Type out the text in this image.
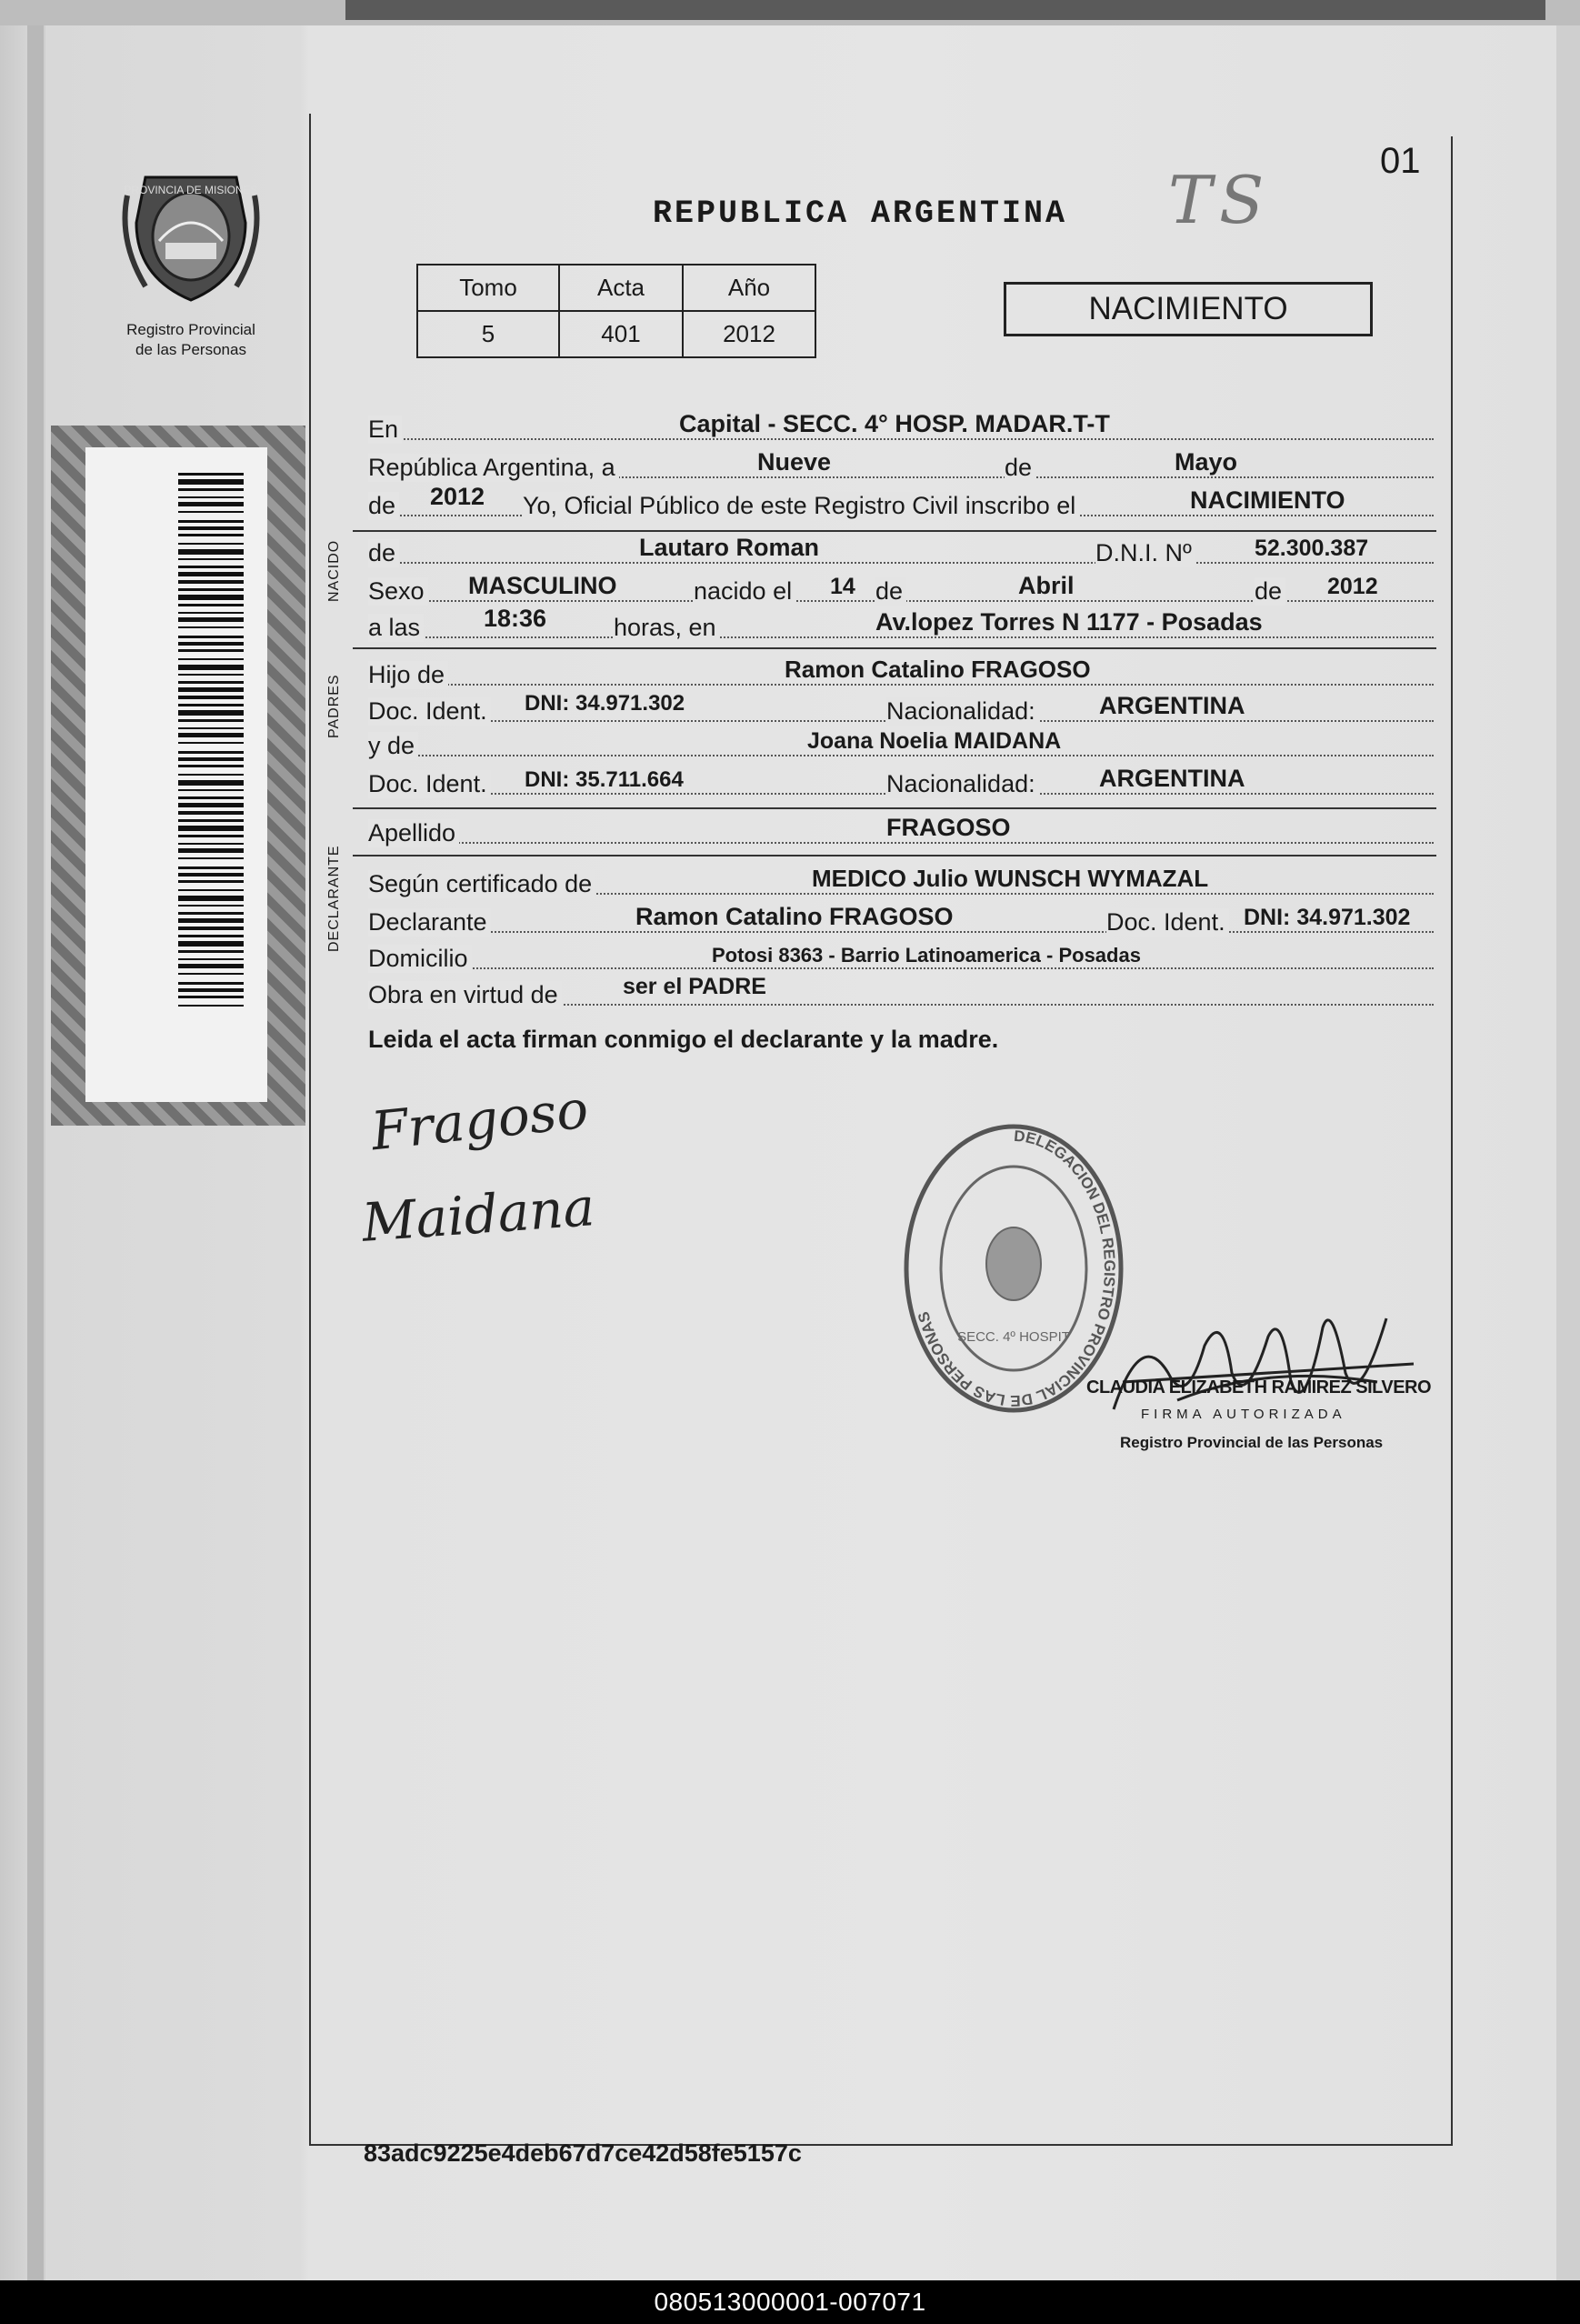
PROVINCIA DE MISIONES
Registro Provincial
de las Personas
01
TS
REPUBLICA ARGENTINA
Tomo	Acta	Año
5	401	2012
NACIMIENTO
NACIDO
PADRES
DECLARANTE
En	Capital - SECC. 4° HOSP. MADAR.T-T
República Argentina, a	Nueve	de	Mayo
de 2012 Yo, Oficial Público de este Registro Civil inscribo el	NACIMIENTO
de	Lautaro Roman	D.N.I. Nº	52.300.387
Sexo MASCULINO	nacido el 14 de	Abril	de 2012
a las	18:36	horas, en	Av.lopez Torres N 1177 - Posadas
Hijo de	Ramon Catalino FRAGOSO
Doc. Ident. DNI: 34.971.302	Nacionalidad:	ARGENTINA
y de	Joana Noelia MAIDANA
Doc. Ident. DNI: 35.711.664	Nacionalidad:	ARGENTINA
Apellido	FRAGOSO
Según certificado de	MEDICO Julio WUNSCH WYMAZAL
Declarante	Ramon Catalino FRAGOSO	Doc. Ident. DNI: 34.971.302
Domicilio	Potosi 8363 - Barrio Latinoamerica - Posadas
Obra en virtud de	ser el PADRE
Leida el acta firman conmigo el declarante y la madre.
Fragoso
Maidana
DELEGACION DEL REGISTRO PROVINCIAL DE LAS PERSONAS
SECC. 4º HOSPIT
CLAUDIA ELIZABETH RAMIREZ SILVERO
FIRMA AUTORIZADA
Registro Provincial de las Personas
83adc9225e4deb67d7ce42d58fe5157c
080513000001-007071
